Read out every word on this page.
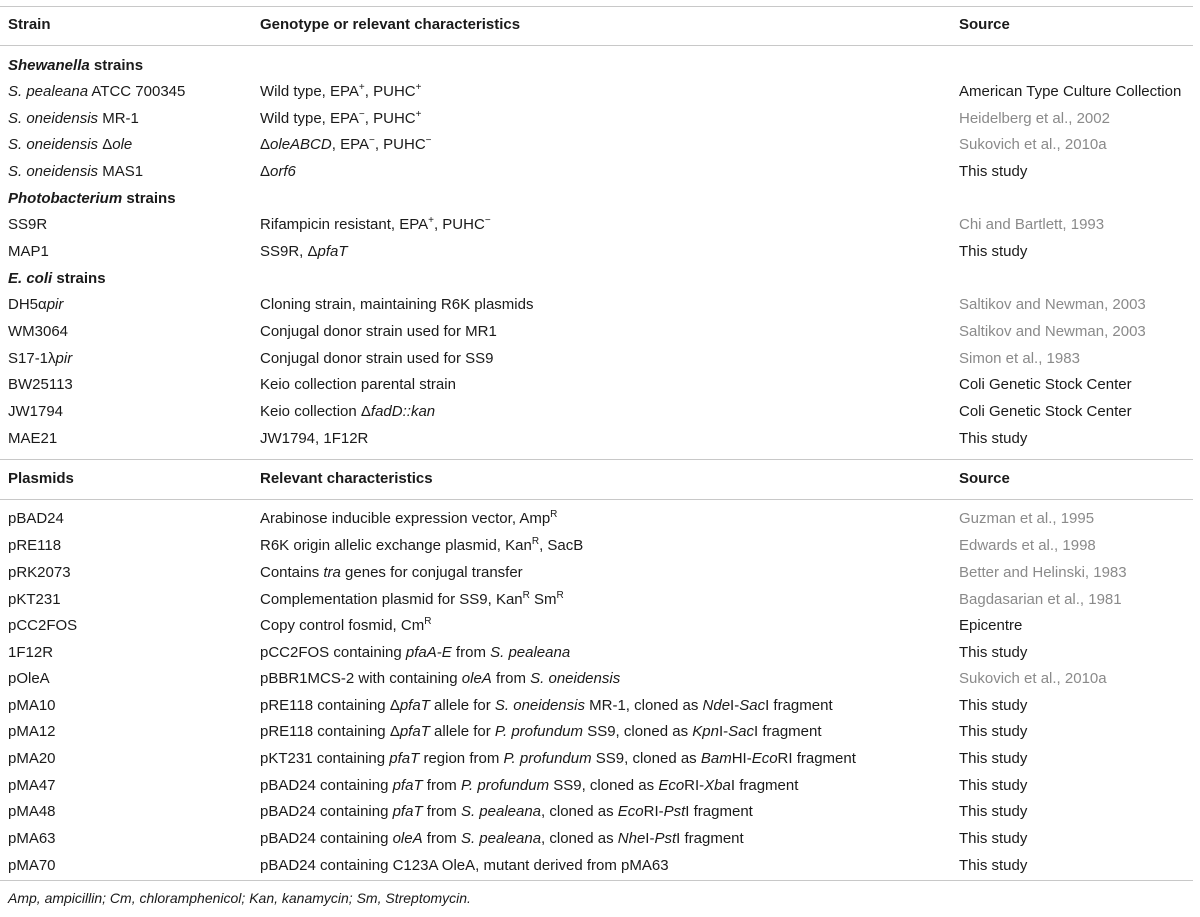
Strain	Genotype or relevant characteristics	Source
Shewanella strains
S. pealeana ATCC 700345	Wild type, EPA+, PUHC+	American Type Culture Collection
S. oneidensis MR-1	Wild type, EPA−, PUHC+	Heidelberg et al., 2002
S. oneidensis Δole	ΔoleABCD, EPA−, PUHC−	Sukovich et al., 2010a
S. oneidensis MAS1	Δorf6	This study
Photobacterium strains
SS9R	Rifampicin resistant, EPA+, PUHC−	Chi and Bartlett, 1993
MAP1	SS9R, ΔpfaT	This study
E. coli strains
DH5αpir	Cloning strain, maintaining R6K plasmids	Saltikov and Newman, 2003
WM3064	Conjugal donor strain used for MR1	Saltikov and Newman, 2003
S17-1λpir	Conjugal donor strain used for SS9	Simon et al., 1983
BW25113	Keio collection parental strain	Coli Genetic Stock Center
JW1794	Keio collection ΔfadD::kan	Coli Genetic Stock Center
MAE21	JW1794, 1F12R	This study
Plasmids	Relevant characteristics	Source
pBAD24	Arabinose inducible expression vector, Amp$^R$	Guzman et al., 1995
pRE118	R6K origin allelic exchange plasmid, Kan$^R$, SacB	Edwards et al., 1998
pRK2073	Contains tra genes for conjugal transfer	Better and Helinski, 1983
pKT231	Complementation plasmid for SS9, Kan$^R$ $Sm^R$	Bagdasarian et al., 1981
pCC2FOS	Copy control fosmid, $Cm^R$	Epicentre
1F12R	pCC2FOS containing pfaA-E from S. pealeana	This study
pOleA	pBBR1MCS-2 with containing oleA from S. oneidensis	Sukovich et al., 2010a
pMA10	pRE118 containing ΔpfaT allele for S. oneidensis MR-1, cloned as NdeI-SacI fragment	This study
pMA12	pRE118 containing ΔpfaT allele for P. profundum SS9, cloned as KpnI-SacI fragment	This study
pMA20	pKT231 containing pfaT region from P. profundum SS9, cloned as BamHI-EcoRI fragment	This study
pMA47	pBAD24 containing pfaT from P. profundum SS9, cloned as EcoRI-XbaI fragment	This study
pMA48	pBAD24 containing pfaT from S. pealeana, cloned as EcoRI-PstI fragment	This study
pMA63	pBAD24 containing oleA from S. pealeana, cloned as NheI-PstI fragment	This study
pMA70	pBAD24 containing C123A OleA, mutant derived from pMA63	This study
Amp, ampicillin; Cm, chloramphenicol; Kan, kanamycin; Sm, Streptomycin.
